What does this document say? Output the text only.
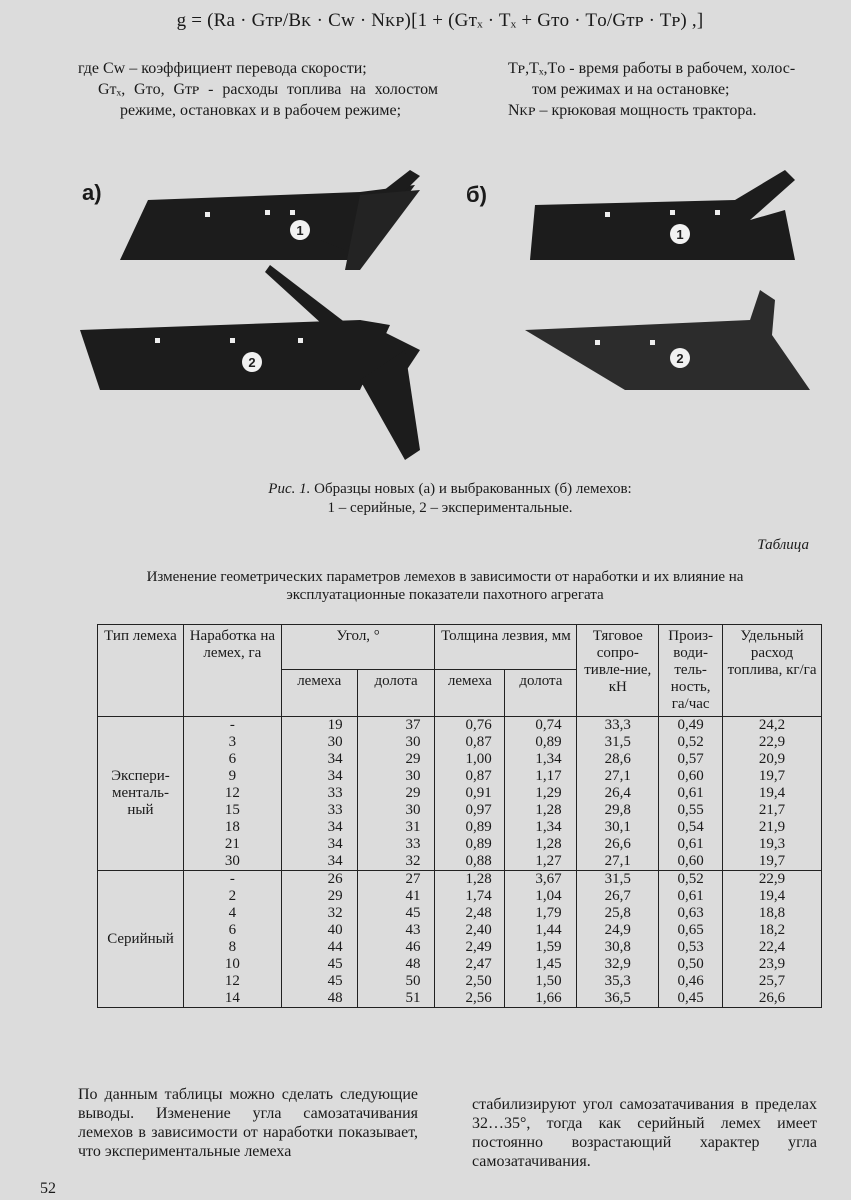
g = (Ra · Gᴛᴘ/Bᴋ · Cᴡ · Nᴋᴘ)[1 + (Gᴛₓ · Tₓ + Gᴛᴏ · Tᴏ/Gᴛᴘ · Tᴘ) ,]
где Cᴡ – коэффициент перевода скорости;
Gᴛₓ, Gᴛᴏ, Gᴛᴘ - расходы топлива на холостом режиме, остановках и в рабочем режиме;
Tᴘ,Tₓ,Tᴏ - время работы в рабочем, холос-
том режимах и на остановке;
Nᴋᴘ – крюковая мощность трактора.
а)	б)
1
2
1
2
Рис. 1. Образцы новых (а) и выбракованных (б) лемехов:
1 – серийные, 2 – экспериментальные.
Таблица
Изменение геометрических параметров лемехов в зависимости от наработки и их влияние на эксплуатационные показатели пахотного агрегата
Тип лемеха	Наработка на лемех, га	Угол, °		Толщина лезвия, мм		Тяговое сопро-тивле-ние, кН	Произ-води-тель-ность, га/час	Удельный расход топлива, кг/га
		лемеха	долота	лемеха	долота			
Экспери-менталь-ный	-	19	37	0,76	0,74	33,3	0,49	24,2
	3	30	30	0,87	0,89	31,5	0,52	22,9
	6	34	29	1,00	1,34	28,6	0,57	20,9
	9	34	30	0,87	1,17	27,1	0,60	19,7
	12	33	29	0,91	1,29	26,4	0,61	19,4
	15	33	30	0,97	1,28	29,8	0,55	21,7
	18	34	31	0,89	1,34	30,1	0,54	21,9
	21	34	33	0,89	1,28	26,6	0,61	19,3
	30	34	32	0,88	1,27	27,1	0,60	19,7
Серийный	-	26	27	1,28	3,67	31,5	0,52	22,9
	2	29	41	1,74	1,04	26,7	0,61	19,4
	4	32	45	2,48	1,79	25,8	0,63	18,8
	6	40	43	2,40	1,44	24,9	0,65	18,2
	8	44	46	2,49	1,59	30,8	0,53	22,4
	10	45	48	2,47	1,45	32,9	0,50	23,9
	12	45	50	2,50	1,50	35,3	0,46	25,7
	14	48	51	2,56	1,66	36,5	0,45	26,6
По данным таблицы можно сделать следующие выводы. Изменение угла самозатачивания лемехов в зависимости от наработки показывает, что экспериментальные лемеха
стабилизируют угол самозатачивания в пределах 32…35°, тогда как серийный лемех имеет постоянно возрастающий характер угла самозатачивания.
52
